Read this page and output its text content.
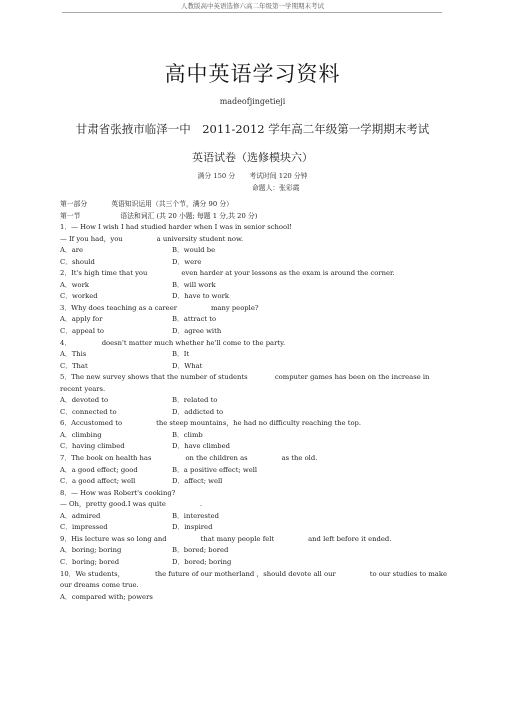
人教版高中英语选修六高二年级第一学期期末考试
高中英语学习资料
madeofjingetieji
甘肃省张掖市临泽一中　2011-2012 学年高二年级第一学期期末考试
英语试卷（选修模块六）
满分 150 分 考试时间 120 分钟
命题人：张彩霞
第一部分	英语知识运用（共三个节，满分 90 分）
第一节	语法和词汇 (共 20 小题; 每题 1 分,共 20 分)
1．— How I wish I had studied harder when I was in senior school!
— If you had，you　　　　　a university student now.
A．are	B．would be
C．should	D．were
2．It's high time that you　　　　　even harder at your lessons as the exam is around the corner.
A．work	B．will work
C．worked	D．have to work
3．Why does teaching as a career　　　　　many people?
A．apply for	B．attract to
C．appeal to	D．agree with
4．　　　　　doesn't matter much whether he'll come to the party.
A．This	B．It
C．That	D．What
5．The new survey shows that the number of students　　　　computer games has been on the increase in
recent years.
A．devoted to	B．related to
C．connected to	D．addicted to
6．Accustomed to　　　　　the steep mountains，he had no difficulty reaching the top.
A．climbing	B．climb
C．having climbed	D．have climbed
7．The book on health has　　　　　on the children as　　　　　as the old.
A．a good effect; good	B．a positive effect; well
C．a good affect; well	D．affect; well
8．— How was Robert's cooking?
— Oh，pretty good.I was quite　　　　　.
A．admired	B．interested
C．impressed	D．inspired
9．His lecture was so long and　　　　　that many people felt　　　　　and left before it ended.
A．boring; boring	B．bored; bored
C．boring; bored	D．bored; boring
10．We students，　　　　　the future of our motherland ，should devote all our　　　　　to our studies to make
our dreams come true.
A．compared with; powers
